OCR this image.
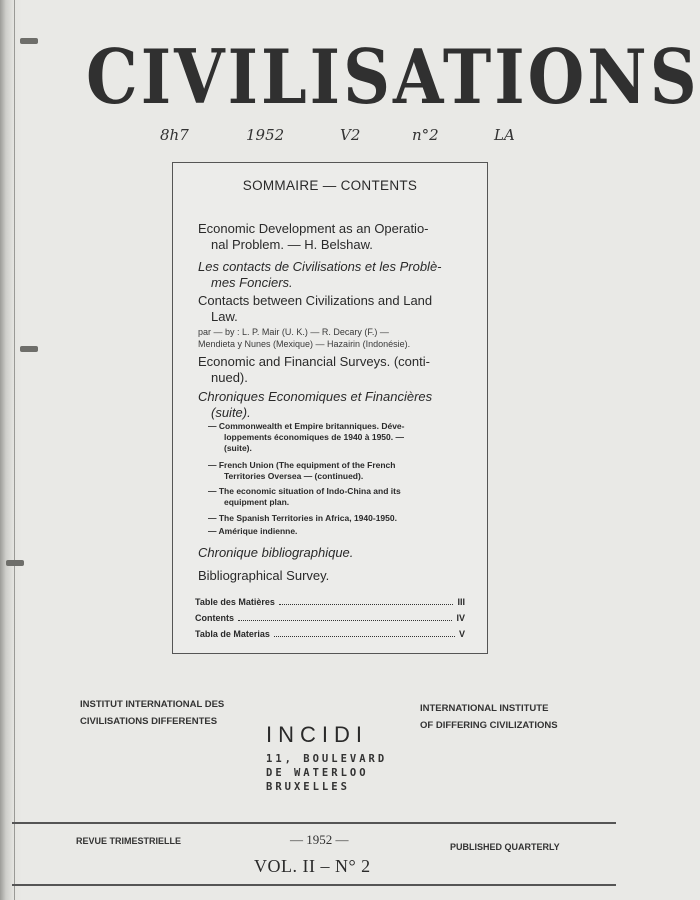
CIVILISATIONS
8h7	1952	V2	n°2	LA
SOMMAIRE — CONTENTS
Economic Development as an Operatio-
nal Problem. — H. Belshaw.
Les contacts de Civilisations et les Problè-
mes Fonciers.
Contacts between Civilizations and Land
Law.
par — by : L. P. Mair (U. K.) — R. Decary (F.) —
Mendieta y Nunes (Mexique) — Hazairin (Indonésie).
Economic and Financial Surveys. (conti-
nued).
Chroniques Economiques et Financières
(suite).
— Commonwealth et Empire britanniques. Déve-
loppements économiques de 1940 à 1950. —
(suite).
— French Union (The equipment of the French
Territories Oversea — (continued).
— The economic situation of Indo-China and its
equipment plan.
— The Spanish Territories in Africa, 1940-1950.
— Amérique indienne.
Chronique bibliographique.
Bibliographical Survey.
Table des Matières	III
Contents	IV
Tabla de Materias	V
INSTITUT INTERNATIONAL DES
CIVILISATIONS DIFFERENTES
INTERNATIONAL INSTITUTE
OF DIFFERING CIVILIZATIONS
INCIDI
11, BOULEVARD
DE WATERLOO
BRUXELLES
REVUE TRIMESTRIELLE	— 1952 —	PUBLISHED QUARTERLY
VOL. II – N° 2
